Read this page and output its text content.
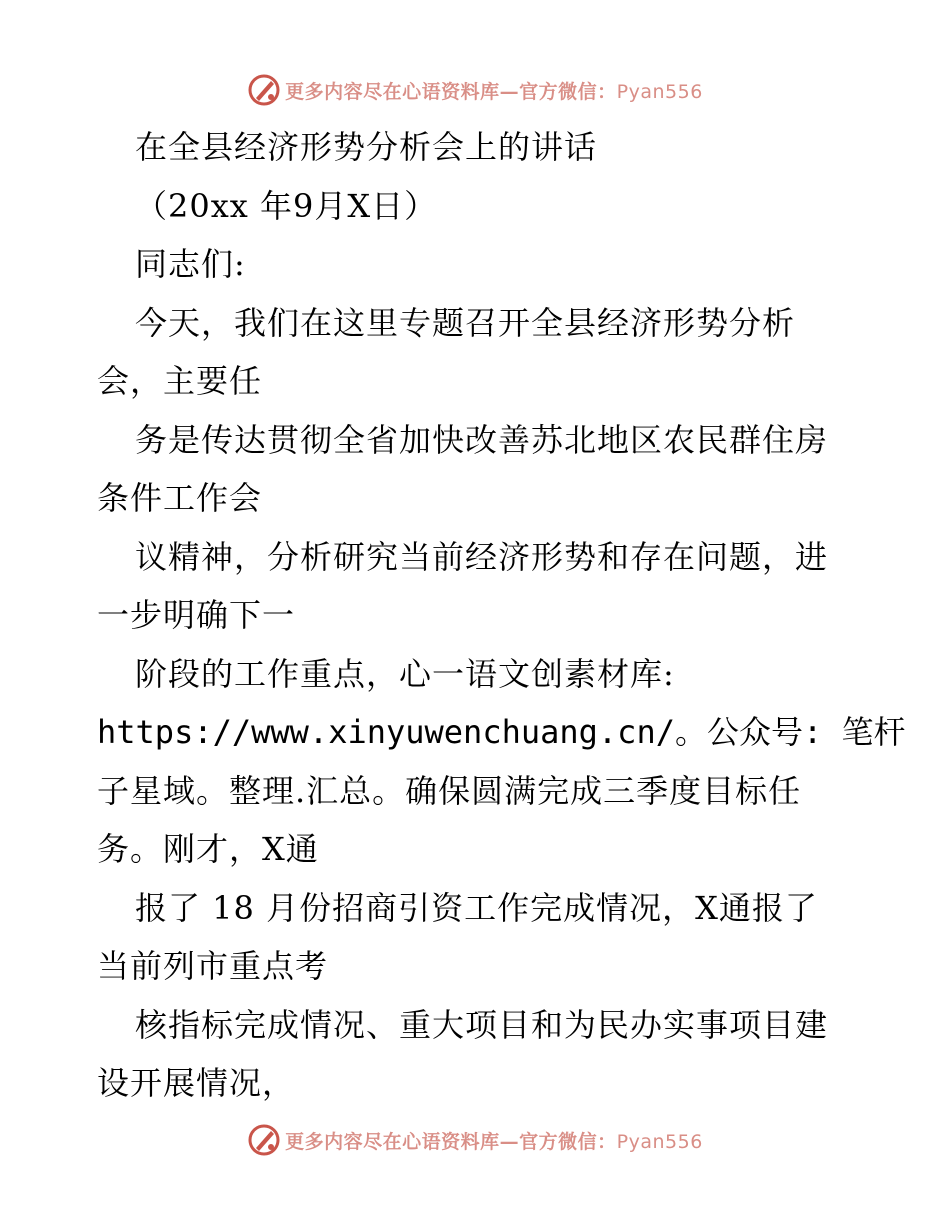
更多内容尽在心语资料库—官方微信：Pyan556
在全县经济形势分析会上的讲话
（20xx 年9月X日）
同志们:
今天，我们在这里专题召开全县经济形势分析
会，主要任
务是传达贯彻全省加快改善苏北地区农民群住房
条件工作会
议精神，分析研究当前经济形势和存在问题，进
一步明确下一
阶段的工作重点，心一语文创素材库:
https://www.xinyuwenchuang.cn/。公众号: 笔杆
子星域。整理.汇总。确保圆满完成三季度目标任
务。刚才，X通
报了 18 月份招商引资工作完成情况，X通报了
当前列市重点考
核指标完成情况、重大项目和为民办实事项目建
设开展情况，
更多内容尽在心语资料库—官方微信：Pyan556
